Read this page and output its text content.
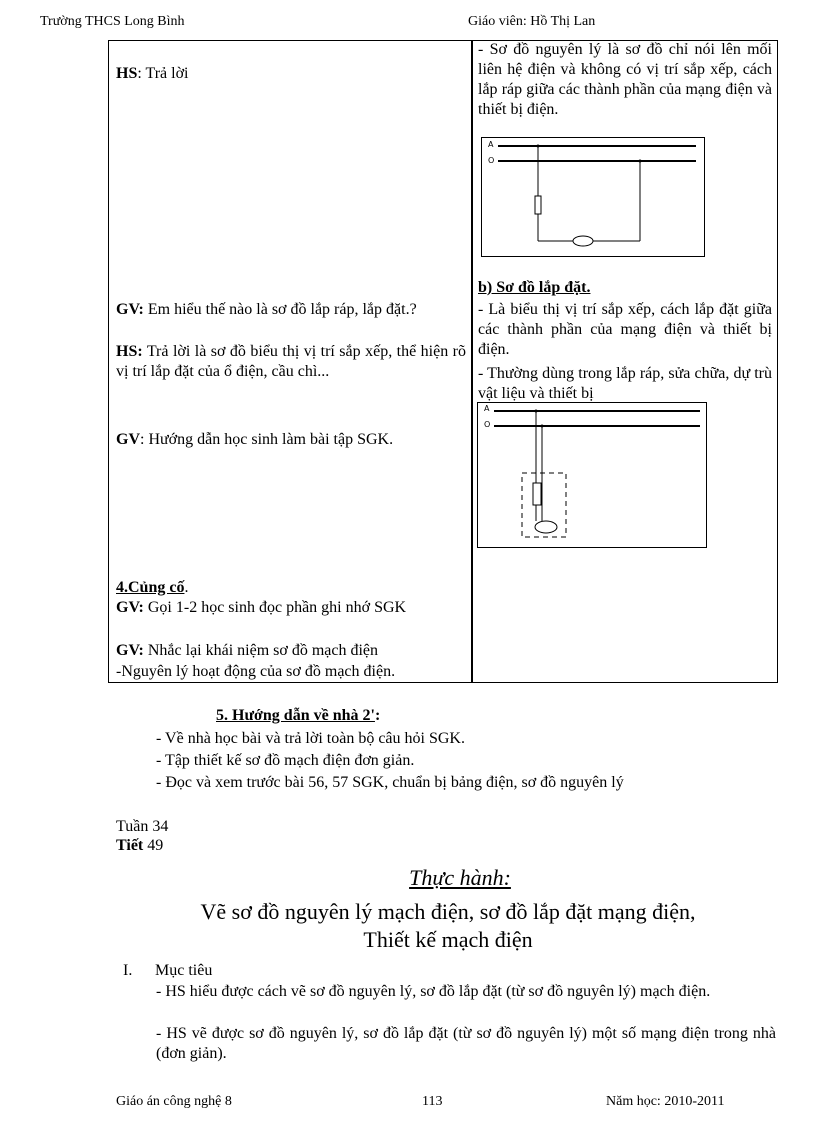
Trường THCS Long Bình	Giáo viên: Hồ Thị Lan
HS: Trả lời
GV: Em hiểu thế nào là sơ đồ lắp ráp, lắp đặt.?
HS: Trả lời là sơ đồ biểu thị vị trí sắp xếp, thể hiện rõ vị trí lắp đặt của ổ điện, cầu chì...
GV: Hướng dẫn học sinh làm bài tập SGK.
4.Củng cố.
GV: Gọi 1-2 học sinh đọc phần ghi nhớ SGK
GV: Nhắc lại khái niệm sơ đồ mạch điện
-Nguyên lý hoạt động của sơ đồ mạch điện.
- Sơ đồ nguyên lý là sơ đồ chỉ nói lên mối liên hệ điện và không có vị trí sắp xếp, cách lắp ráp giữa các thành phần của mạng điện và thiết bị điện.
A
O
b) Sơ đồ lắp đặt.
- Là biểu thị vị trí sắp xếp, cách lắp đặt giữa các thành phần của mạng điện và thiết bị điện.
- Thường dùng trong lắp ráp, sửa chữa, dự trù vật liệu và thiết bị
A
O
5. Hướng dẫn về nhà 2':
- Về nhà học bài và trả lời toàn bộ câu hỏi SGK.
- Tập thiết kế sơ đồ mạch điện đơn giản.
- Đọc và xem trước bài 56, 57 SGK, chuẩn bị bảng điện, sơ đồ nguyên lý
Tuần 34
Tiết 49
Thực hành:
Vẽ sơ đồ nguyên lý mạch điện, sơ đồ lắp đặt mạng điện,
Thiết kế mạch điện
I. Mục tiêu
- HS hiểu được cách vẽ sơ đồ nguyên lý, sơ đồ lắp đặt (từ sơ đồ nguyên lý) mạch điện.
- HS vẽ được sơ đồ nguyên lý, sơ đồ lắp đặt (từ sơ đồ nguyên lý) một số mạng điện trong nhà (đơn giản).
Giáo án công nghệ 8	113	Năm học: 2010-2011
